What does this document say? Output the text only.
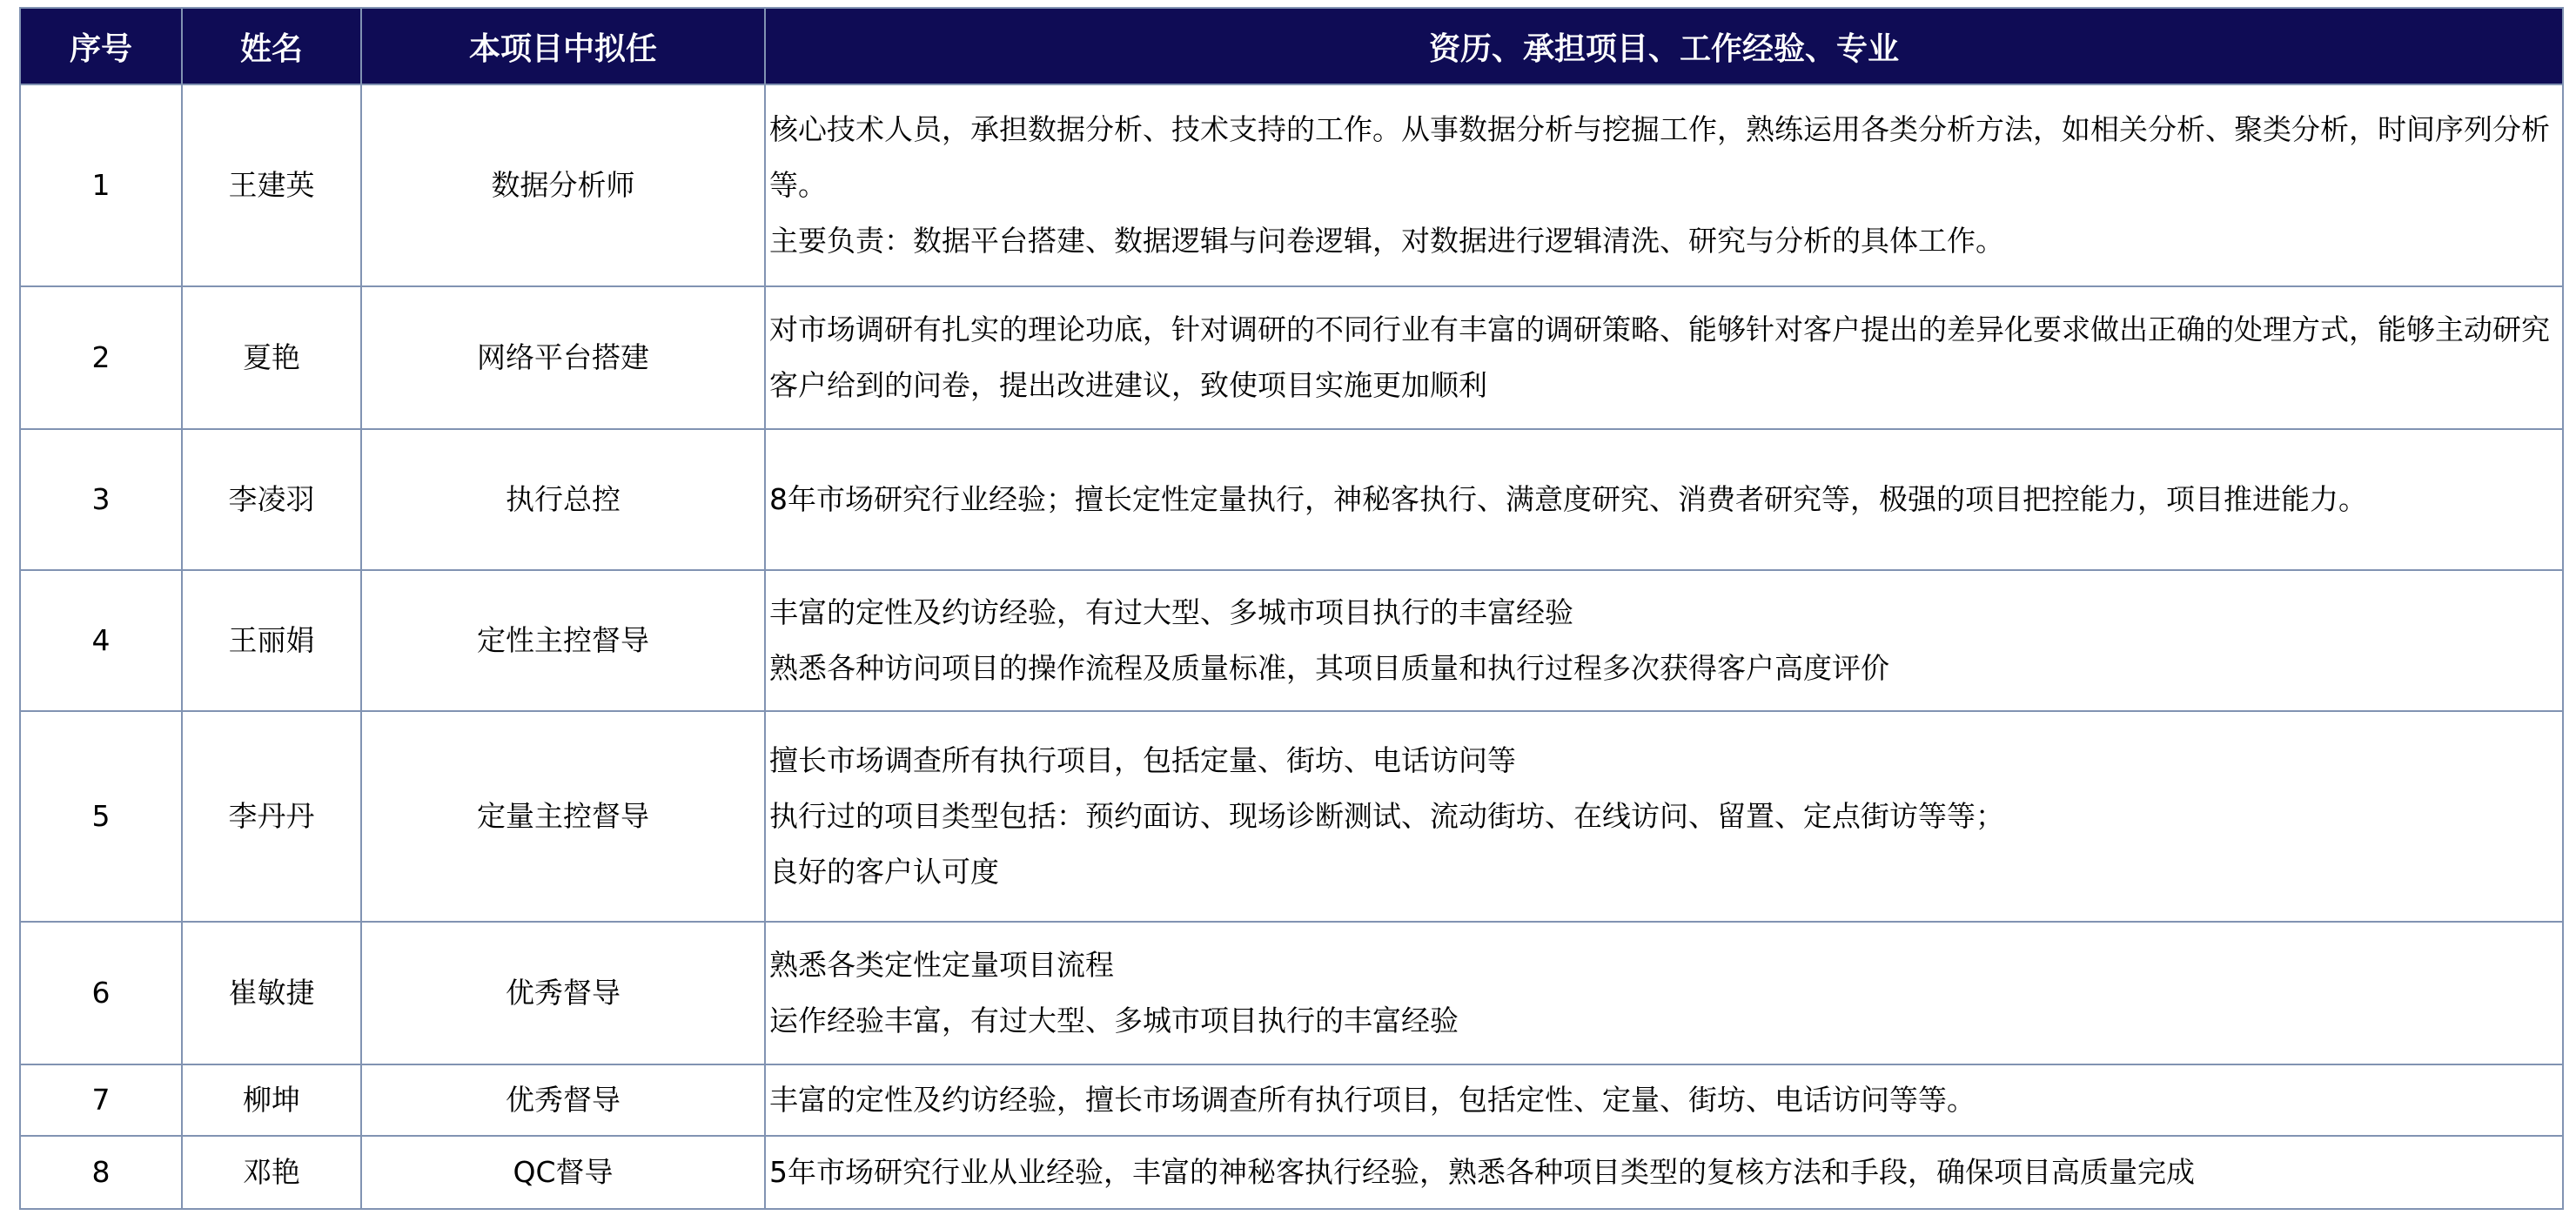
序号	姓名	本项目中拟任	资历、承担项目、工作经验、专业
1	王建英	数据分析师	核心技术人员，承担数据分析、技术支持的工作。从事数据分析与挖掘工作，熟练运用各类分析方法，如相关分析、聚类分析，时间序列分析等。
主要负责：数据平台搭建、数据逻辑与问卷逻辑，对数据进行逻辑清洗、研究与分析的具体工作。

2	夏艳	网络平台搭建	对市场调研有扎实的理论功底，针对调研的不同行业有丰富的调研策略、能够针对客户提出的差异化要求做出正确的处理方式，能够主动研究客户给到的问卷，提出改进建议，致使项目实施更加顺利

3	李凌羽	执行总控	8年市场研究行业经验；擅长定性定量执行，神秘客执行、满意度研究、消费者研究等，极强的项目把控能力，项目推进能力。

4	王丽娟	定性主控督导	丰富的定性及约访经验，有过大型、多城市项目执行的丰富经验
熟悉各种访问项目的操作流程及质量标准，其项目质量和执行过程多次获得客户高度评价

5	李丹丹	定量主控督导	擅长市场调查所有执行项目，包括定量、街坊、电话访问等
执行过的项目类型包括：预约面访、现场诊断测试、流动街坊、在线访问、留置、定点街访等等；
良好的客户认可度

6	崔敏捷	优秀督导	熟悉各类定性定量项目流程
运作经验丰富，有过大型、多城市项目执行的丰富经验

7	柳坤	优秀督导	丰富的定性及约访经验，擅长市场调查所有执行项目，包括定性、定量、街坊、电话访问等等。

8	邓艳	QC督导	5年市场研究行业从业经验，丰富的神秘客执行经验，熟悉各种项目类型的复核方法和手段，确保项目高质量完成
